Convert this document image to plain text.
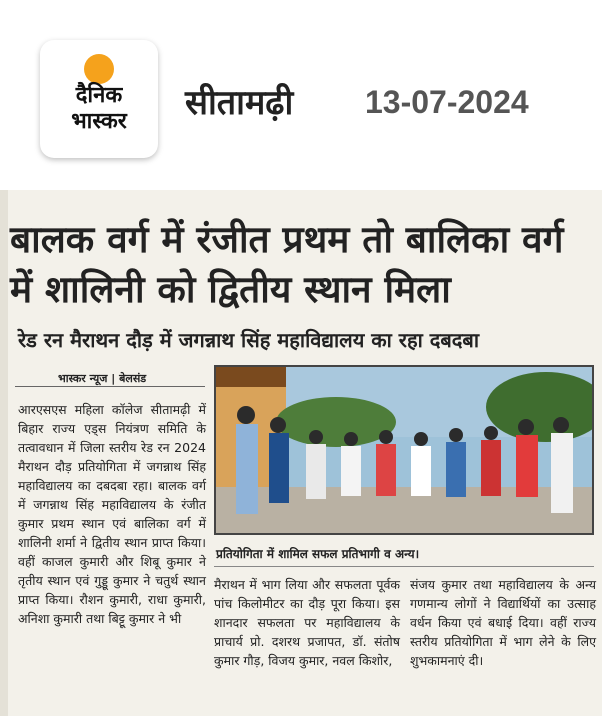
दैनिक
भास्कर	सीतामढ़ी 13-07-2024
बालक वर्ग में रंजीत प्रथम तो बालिका वर्ग में शालिनी को द्वितीय स्थान मिला
रेड रन मैराथन दौड़ में जगन्नाथ सिंह महाविद्यालय का रहा दबदबा
भास्कर न्यूज | बेलसंड
आरएसएस महिला कॉलेज सीतामढ़ी में बिहार राज्य एड्स नियंत्रण समिति के तत्वावधान में जिला स्तरीय रेड रन 2024 मैराथन दौड़ प्रतियोगिता में जगन्नाथ सिंह महाविद्यालय का दबदबा रहा। बालक वर्ग में जगन्नाथ सिंह महाविद्यालय के रंजीत कुमार प्रथम स्थान एवं बालिका वर्ग में शालिनी शर्मा ने द्वितीय स्थान प्राप्त किया। वहीं काजल कुमारी और शिबू कुमार ने तृतीय स्थान एवं गुड्डू कुमार ने चतुर्थ स्थान प्राप्त किया। रौशन कुमारी, राधा कुमारी, अनिशा कुमारी तथा बिट्टू कुमार ने भी
प्रतियोगिता में शामिल सफल प्रतिभागी व अन्य।
मैराथन में भाग लिया और सफलता पूर्वक पांच किलोमीटर का दौड़ पूरा किया। इस शानदार सफलता पर महाविद्यालय के प्राचार्य प्रो. दशरथ प्रजापत, डॉ. संतोष कुमार गौड़, विजय कुमार, नवल किशोर,
संजय कुमार तथा महाविद्यालय के अन्य गणमान्य लोगों ने विद्यार्थियों का उत्साह वर्धन किया एवं बधाई दिया। वहीं राज्य स्तरीय प्रतियोगिता में भाग लेने के लिए शुभकामनाएं दी।
